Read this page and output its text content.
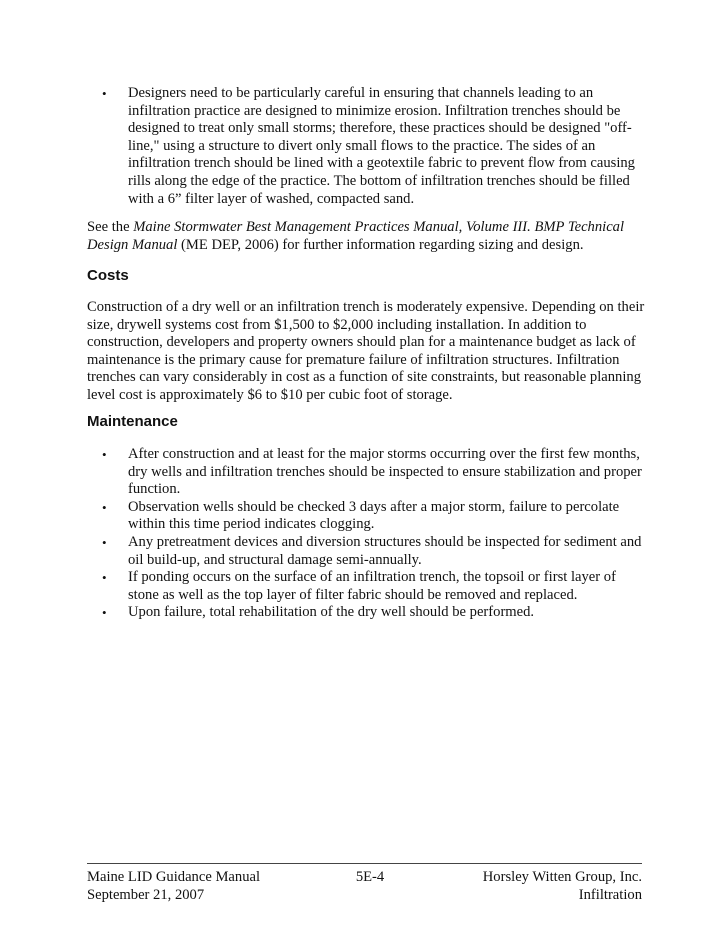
• Designers need to be particularly careful in ensuring that channels leading to an infiltration practice are designed to minimize erosion. Infiltration trenches should be designed to treat only small storms; therefore, these practices should be designed "off-line," using a structure to divert only small flows to the practice. The sides of an infiltration trench should be lined with a geotextile fabric to prevent flow from causing rills along the edge of the practice. The bottom of infiltration trenches should be filled with a 6” filter layer of washed, compacted sand.

See the Maine Stormwater Best Management Practices Manual, Volume III. BMP Technical Design Manual (ME DEP, 2006) for further information regarding sizing and design.

Costs

Construction of a dry well or an infiltration trench is moderately expensive. Depending on their size, drywell systems cost from $1,500 to $2,000 including installation. In addition to construction, developers and property owners should plan for a maintenance budget as lack of maintenance is the primary cause for premature failure of infiltration structures. Infiltration trenches can vary considerably in cost as a function of site constraints, but reasonable planning level cost is approximately $6 to $10 per cubic foot of storage.

Maintenance
• After construction and at least for the major storms occurring over the first few months, dry wells and infiltration trenches should be inspected to ensure stabilization and proper function.
• Observation wells should be checked 3 days after a major storm, failure to percolate within this time period indicates clogging.
• Any pretreatment devices and diversion structures should be inspected for sediment and oil build-up, and structural damage semi-annually.
• If ponding occurs on the surface of an infiltration trench, the topsoil or first layer of stone as well as the top layer of filter fabric should be removed and replaced.
• Upon failure, total rehabilitation of the dry well should be performed.
Maine LID Guidance Manual
September 21, 2007
5E-4	Horsley Witten Group, Inc.
Infiltration
